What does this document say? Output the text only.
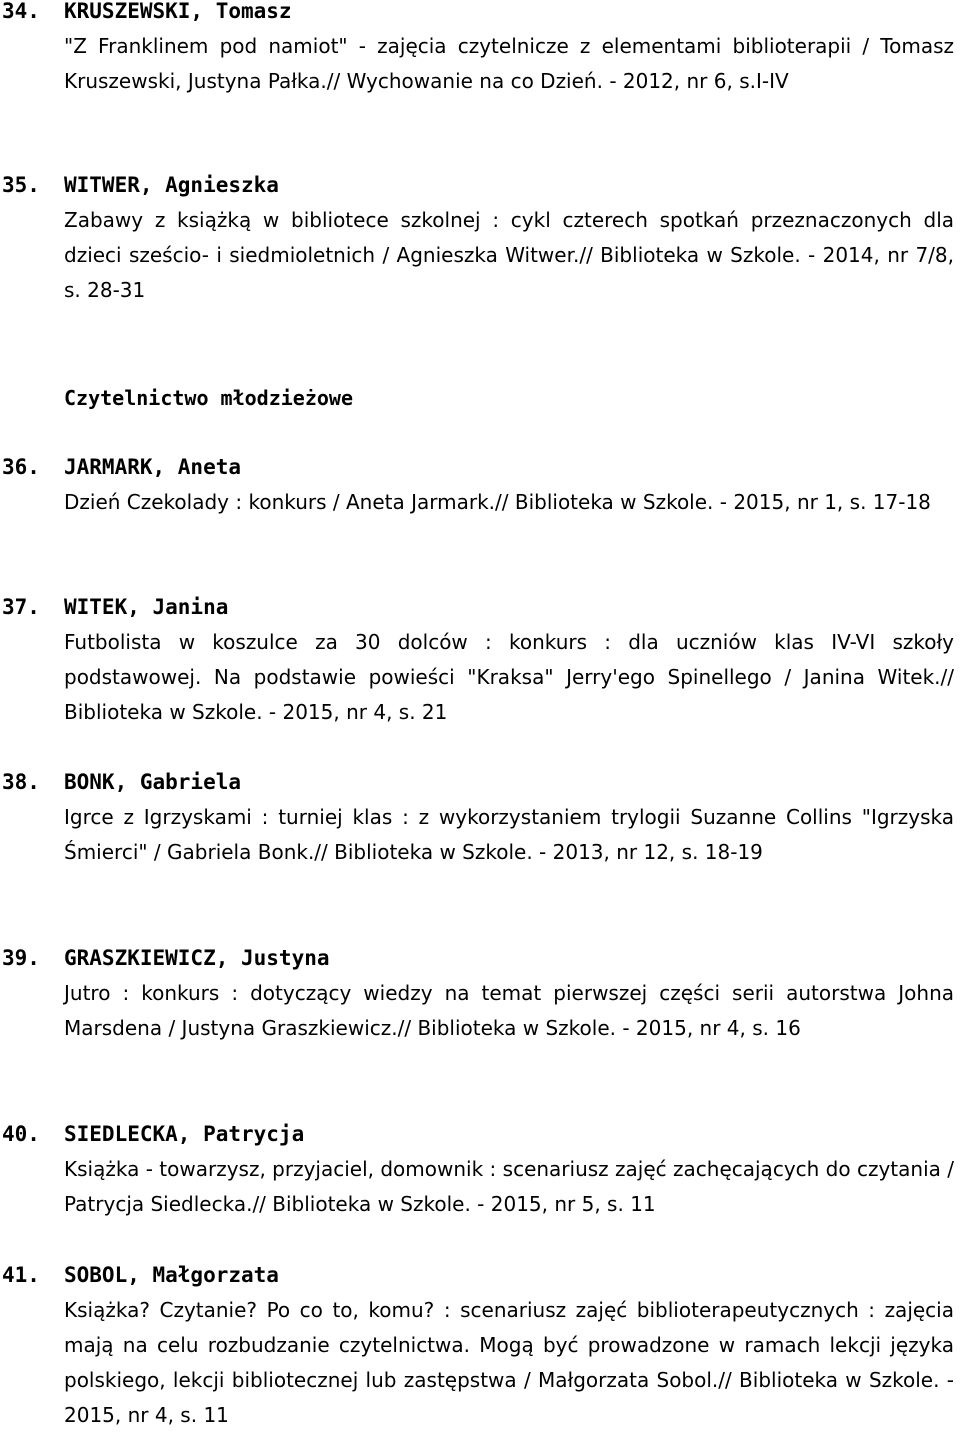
34. KRUSZEWSKI, Tomasz
"Z Franklinem pod namiot" - zajęcia czytelnicze z elementami biblioterapii / Tomasz Kruszewski, Justyna Pałka.// Wychowanie na co Dzień. - 2012, nr 6, s.I-IV
35. WITWER, Agnieszka
Zabawy z książką w bibliotece szkolnej : cykl czterech spotkań przeznaczonych dla dzieci sześcio- i siedmioletnich / Agnieszka Witwer.// Biblioteka w Szkole. - 2014, nr 7/8, s. 28-31
Czytelnictwo młodzieżowe
36. JARMARK, Aneta
Dzień Czekolady : konkurs / Aneta Jarmark.// Biblioteka w Szkole. - 2015, nr 1, s. 17-18
37. WITEK, Janina
Futbolista w koszulce za 30 dolców : konkurs : dla uczniów klas IV-VI szkoły podstawowej. Na podstawie powieści "Kraksa" Jerry'ego Spinellego / Janina Witek.// Biblioteka w Szkole. - 2015, nr 4, s. 21
38. BONK, Gabriela
Igrce z Igrzyskami : turniej klas : z wykorzystaniem trylogii Suzanne Collins "Igrzyska Śmierci" / Gabriela Bonk.// Biblioteka w Szkole. - 2013, nr 12, s. 18-19
39. GRASZKIEWICZ, Justyna
Jutro : konkurs : dotyczący wiedzy na temat pierwszej części serii autorstwa Johna Marsdena / Justyna Graszkiewicz.// Biblioteka w Szkole. - 2015, nr 4, s. 16
40. SIEDLECKA, Patrycja
Książka - towarzysz, przyjaciel, domownik : scenariusz zajęć zachęcających do czytania / Patrycja Siedlecka.// Biblioteka w Szkole. - 2015, nr 5, s. 11
41. SOBOL, Małgorzata
Książka? Czytanie? Po co to, komu? : scenariusz zajęć biblioterapeutycznych : zajęcia mają na celu rozbudzanie czytelnictwa. Mogą być prowadzone w ramach lekcji języka polskiego, lekcji bibliotecznej lub zastępstwa / Małgorzata Sobol.// Biblioteka w Szkole. - 2015, nr 4, s. 11
